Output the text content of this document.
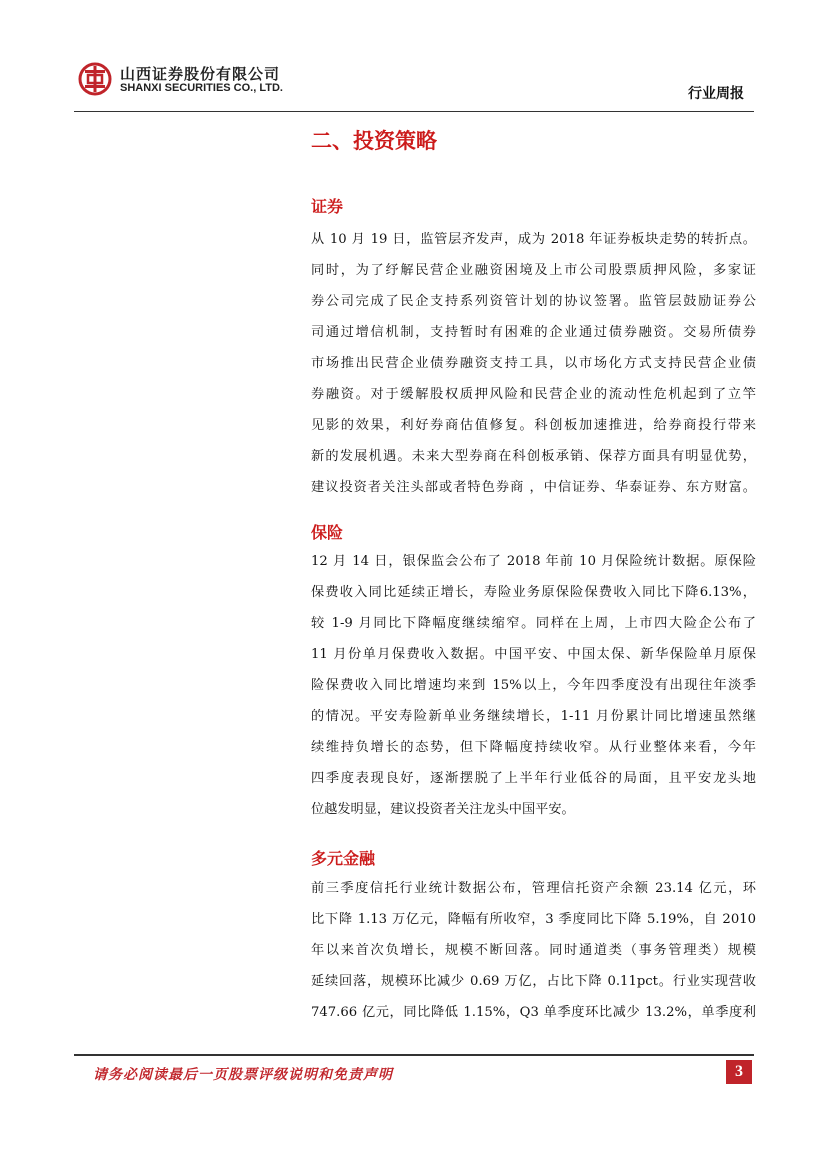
山西证券股份有限公司
SHANXI SECURITIES CO., LTD.	行业周报
二、投资策略
证券
从 10 月 19 日，监管层齐发声，成为 2018 年证券板块走势的转折点。
同时，为了纾解民营企业融资困境及上市公司股票质押风险，多家证
券公司完成了民企支持系列资管计划的协议签署。监管层鼓励证券公
司通过增信机制，支持暂时有困难的企业通过债券融资。交易所债券
市场推出民营企业债券融资支持工具，以市场化方式支持民营企业债
券融资。对于缓解股权质押风险和民营企业的流动性危机起到了立竿
见影的效果，利好券商估值修复。科创板加速推进，给券商投行带来
新的发展机遇。未来大型券商在科创板承销、保荐方面具有明显优势，
建议投资者关注头部或者特色券商 ，中信证券、华泰证券、东方财富。
保险
12 月 14 日，银保监会公布了 2018 年前 10 月保险统计数据。原保险
保费收入同比延续正增长，寿险业务原保险保费收入同比下降6.13%，
较 1-9 月同比下降幅度继续缩窄。同样在上周，上市四大险企公布了
11 月份单月保费收入数据。中国平安、中国太保、新华保险单月原保
险保费收入同比增速均来到 15%以上，今年四季度没有出现往年淡季
的情况。平安寿险新单业务继续增长，1-11 月份累计同比增速虽然继
续维持负增长的态势，但下降幅度持续收窄。从行业整体来看，今年
四季度表现良好，逐渐摆脱了上半年行业低谷的局面，且平安龙头地
位越发明显，建议投资者关注龙头中国平安。
多元金融
前三季度信托行业统计数据公布，管理信托资产余额 23.14 亿元，环
比下降 1.13 万亿元，降幅有所收窄，3 季度同比下降 5.19%，自 2010
年以来首次负增长，规模不断回落。同时通道类（事务管理类）规模
延续回落，规模环比减少 0.69 万亿，占比下降 0.11pct。行业实现营收
747.66 亿元，同比降低 1.15%，Q3 单季度环比减少 13.2%，单季度利
请务必阅读最后一页股票评级说明和免责声明	3
